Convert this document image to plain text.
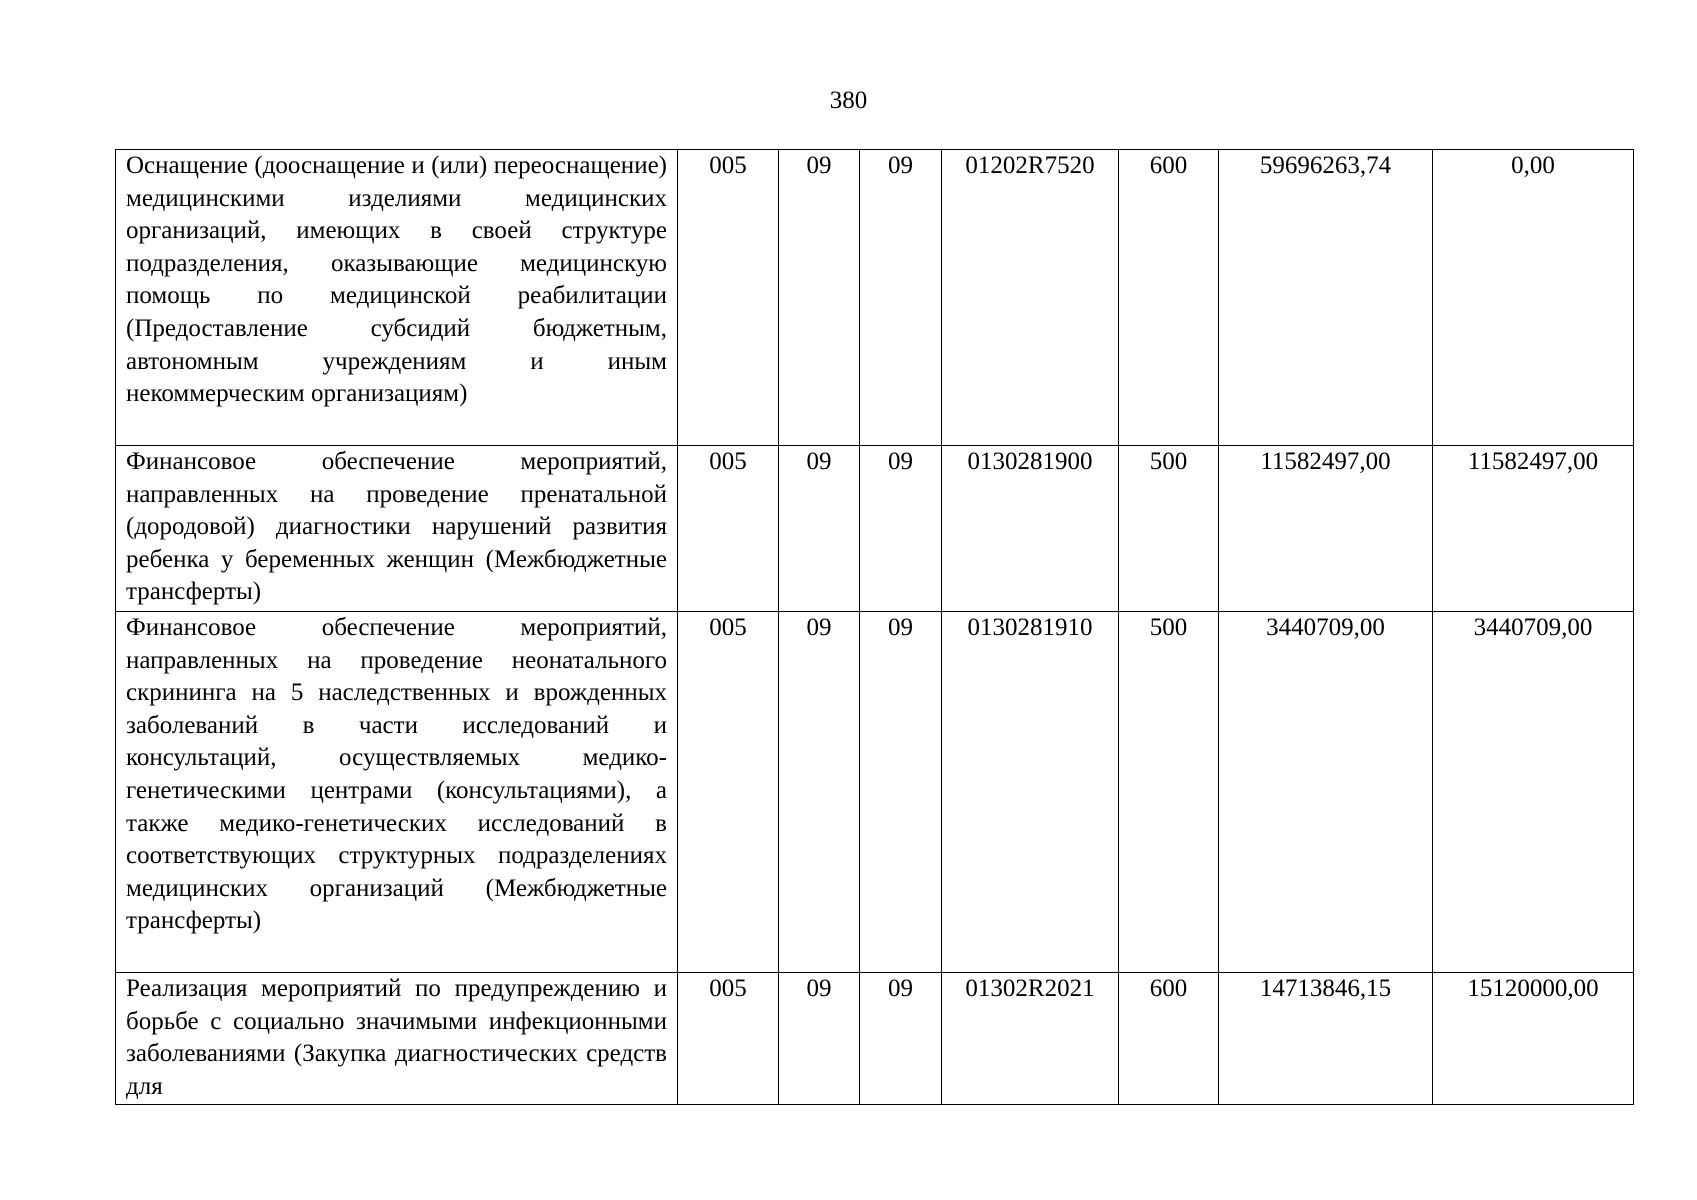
380
Оснащение (дооснащение и (или) переоснащение) медицинскими изделиями медицинских организаций, имеющих в своей структуре подразделения, оказывающие медицинскую помощь по медицинской реабилитации (Предоставление субсидий бюджетным, автономным учреждениям и иным некоммерческим организациям)	005	09	09	01202R7520	600	59696263,74	0,00
Финансовое обеспечение мероприятий, направленных на проведение пренатальной (дородовой) диагностики нарушений развития ребенка у беременных женщин (Межбюджетные трансферты)	005	09	09	0130281900	500	11582497,00	11582497,00
Финансовое обеспечение мероприятий, направленных на проведение неонатального скрининга на 5 наследственных и врожденных заболеваний в части исследований и консультаций, осуществляемых медико-генетическими центрами (консультациями), а также медико-генетических исследований в соответствующих структурных подразделениях медицинских организаций (Межбюджетные трансферты)	005	09	09	0130281910	500	3440709,00	3440709,00
Реализация мероприятий по предупреждению и борьбе с социально значимыми инфекционными заболеваниями (Закупка диагностических средств для	005	09	09	01302R2021	600	14713846,15	15120000,00
